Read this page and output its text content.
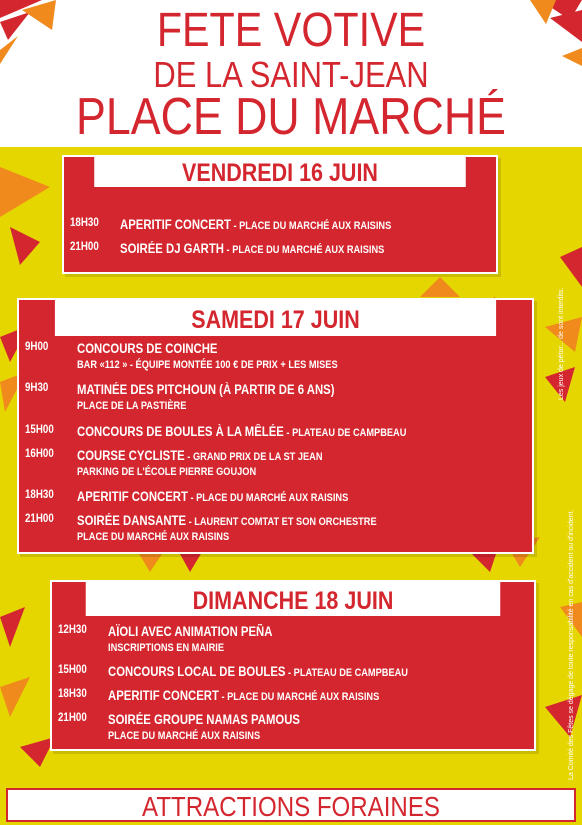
FETE VOTIVE
DE LA SAINT-JEAN
PLACE DU MARCHÉ
VENDREDI 16 JUIN
18H30 APERITIF CONCERT - PLACE DU MARCHÉ AUX RAISINS
21H00 SOIRÉE DJ GARTH - PLACE DU MARCHÉ AUX RAISINS
SAMEDI 17 JUIN
9H00 CONCOURS DE COINCHE
BAR «112 » - ÉQUIPE MONTÉE 100 € DE PRIX + LES MISES
9H30 MATINÉE DES PITCHOUN (À PARTIR DE 6 ANS)
PLACE DE LA PASTIÈRE
15H00 CONCOURS DE BOULES À LA MÊLÉE - PLATEAU DE CAMPBEAU
16H00 COURSE CYCLISTE - GRAND PRIX DE LA ST JEAN
PARKING DE L'ÉCOLE PIERRE GOUJON
18H30 APERITIF CONCERT - PLACE DU MARCHÉ AUX RAISINS
21H00 SOIRÉE DANSANTE - LAURENT COMTAT ET SON ORCHESTRE
PLACE DU MARCHÉ AUX RAISINS
DIMANCHE 18 JUIN
12H30 AÏOLI AVEC ANIMATION PEÑA
INSCRIPTIONS EN MAIRIE
15H00 CONCOURS LOCAL DE BOULES - PLATEAU DE CAMPBEAU
18H30 APERITIF CONCERT - PLACE DU MARCHÉ AUX RAISINS
21H00 SOIRÉE GROUPE NAMAS PAMOUS
PLACE DU MARCHÉ AUX RAISINS
Les jeux de pétur... de sont interdits.
La Comité des Fêtes se dégage de toute responsabilité en cas d'accident ou d'incident.
ATTRACTIONS FORAINES
